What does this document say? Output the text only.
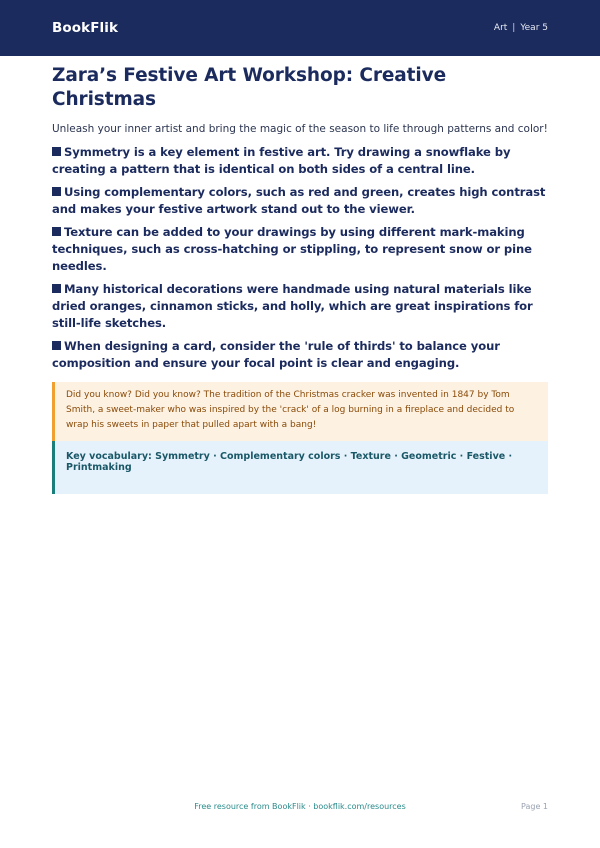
BookFlik	Art | Year 5
Zara’s Festive Art Workshop: Creative Christmas

Unleash your inner artist and bring the magic of the season to life through patterns and color!

Symmetry is a key element in festive art. Try drawing a snowflake by creating a pattern that is identical on both sides of a central line.
Using complementary colors, such as red and green, creates high contrast and makes your festive artwork stand out to the viewer.
Texture can be added to your drawings by using different mark-making techniques, such as cross-hatching or stippling, to represent snow or pine needles.
Many historical decorations were handmade using natural materials like dried oranges, cinnamon sticks, and holly, which are great inspirations for still-life sketches.
When designing a card, consider the 'rule of thirds' to balance your composition and ensure your focal point is clear and engaging.
Did you know? Did you know? The tradition of the Christmas cracker was invented in 1847 by Tom Smith, a sweet-maker who was inspired by the 'crack' of a log burning in a fireplace and decided to wrap his sweets in paper that pulled apart with a bang!
Key vocabulary: Symmetry · Complementary colors · Texture · Geometric · Festive · Printmaking
Free resource from BookFlik · bookflik.com/resources	Page 1
